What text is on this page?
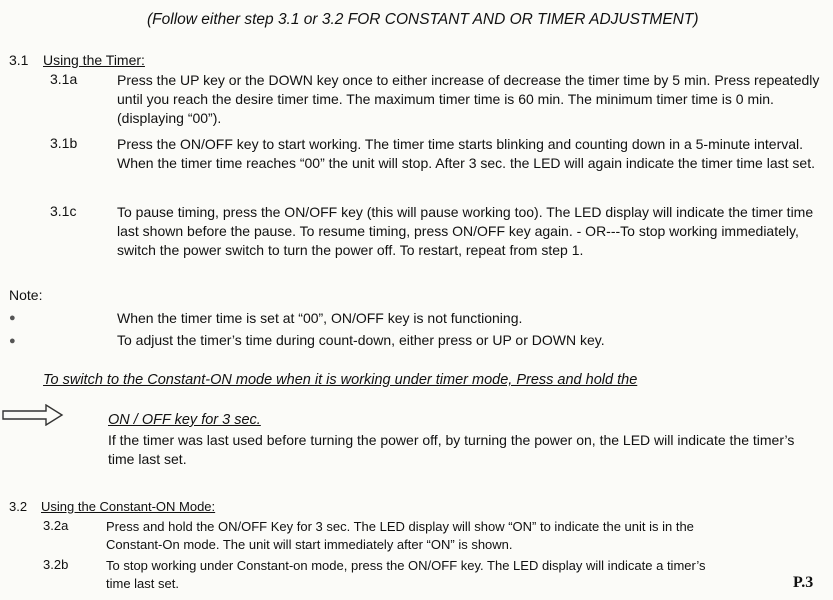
(Follow either step 3.1 or 3.2 FOR CONSTANT AND OR TIMER ADJUSTMENT)
3.1 Using the Timer:
3.1a	Press the UP key or the DOWN key once to either increase of decrease the timer time by 5 min. Press repeatedly until you reach the desire timer time. The maximum timer time is 60 min. The minimum timer time is 0 min. (displaying “00”).
3.1b	Press the ON/OFF key to start working. The timer time starts blinking and counting down in a 5-minute interval. When the timer time reaches “00” the unit will stop. After 3 sec. the LED will again indicate the timer time last set.
3.1c	To pause timing, press the ON/OFF key (this will pause working too). The LED display will indicate the timer time last shown before the pause. To resume timing, press ON/OFF key again. - OR---To stop working immediately, switch the power switch to turn the power off. To restart, repeat from step 1.
Note:
●	When the timer time is set at “00”, ON/OFF key is not functioning.
●	To adjust the timer’s time during count-down, either press or UP or DOWN key.
To switch to the Constant-ON mode when it is working under timer mode, Press and hold the
ON / OFF key for 3 sec.
If the timer was last used before turning the power off, by turning the power on, the LED will indicate the timer’s time last set.
3.2 Using the Constant-ON Mode:
3.2a	Press and hold the ON/OFF Key for 3 sec. The LED display will show “ON” to indicate the unit is in the Constant-On mode. The unit will start immediately after “ON” is shown.
3.2b	To stop working under Constant-on mode, press the ON/OFF key. The LED display will indicate a timer’s time last set.	P.3
